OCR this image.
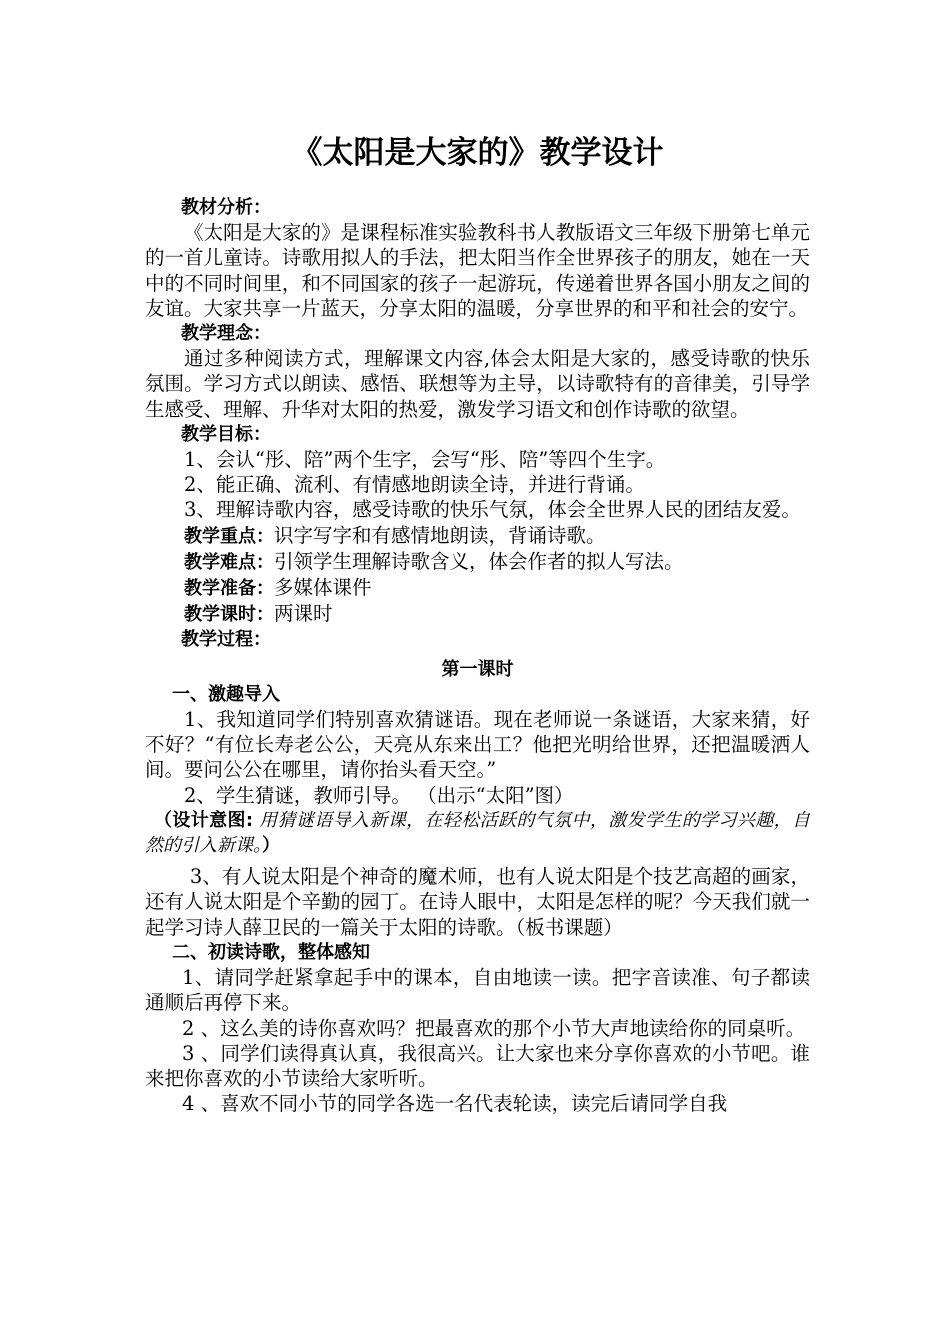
《太阳是大家的》教学设计

教材分析：

《太阳是大家的》是课程标准实验教科书人教版语文三年级下册第七单元的一首儿童诗。诗歌用拟人的手法，把太阳当作全世界孩子的朋友，她在一天中的不同时间里，和不同国家的孩子一起游玩，传递着世界各国小朋友之间的友谊。大家共享一片蓝天，分享太阳的温暖，分享世界的和平和社会的安宁。

教学理念：

通过多种阅读方式，理解课文内容,体会太阳是大家的，感受诗歌的快乐氛围。学习方式以朗读、感悟、联想等为主导，以诗歌特有的音律美，引导学生感受、理解、升华对太阳的热爱，激发学习语文和创作诗歌的欲望。

教学目标：

1、会认“彤、陪”两个生字，会写“彤、陪”等四个生字。

2、能正确、流利、有情感地朗读全诗，并进行背诵。

3、理解诗歌内容，感受诗歌的快乐气氛，体会全世界人民的团结友爱。

教学重点：识字写字和有感情地朗读，背诵诗歌。

教学难点：引领学生理解诗歌含义，体会作者的拟人写法。

教学准备：多媒体课件

教学课时：两课时

教学过程：

第一课时

一、激趣导入

1、我知道同学们特别喜欢猜谜语。现在老师说一条谜语，大家来猜，好不好？“有位长寿老公公，天亮从东来出工？他把光明给世界，还把温暖洒人间。要问公公在哪里，请你抬头看天空。”

2、学生猜谜，教师引导。 （出示“太阳”图）

（设计意图: 用猜谜语导入新课，在轻松活跃的气氛中，激发学生的学习兴趣，自然的引入新课。）

3、有人说太阳是个神奇的魔术师，也有人说太阳是个技艺高超的画家，还有人说太阳是个辛勤的园丁。在诗人眼中，太阳是怎样的呢？今天我们就一起学习诗人薛卫民的一篇关于太阳的诗歌。（板书课题）

二、初读诗歌，整体感知

1、请同学赶紧拿起手中的课本，自由地读一读。把字音读准、句子都读通顺后再停下来。

2 、这么美的诗你喜欢吗？把最喜欢的那个小节大声地读给你的同桌听。

3 、同学们读得真认真，我很高兴。让大家也来分享你喜欢的小节吧。谁来把你喜欢的小节读给大家听听。

4 、喜欢不同小节的同学各选一名代表轮读，读完后请同学自我
